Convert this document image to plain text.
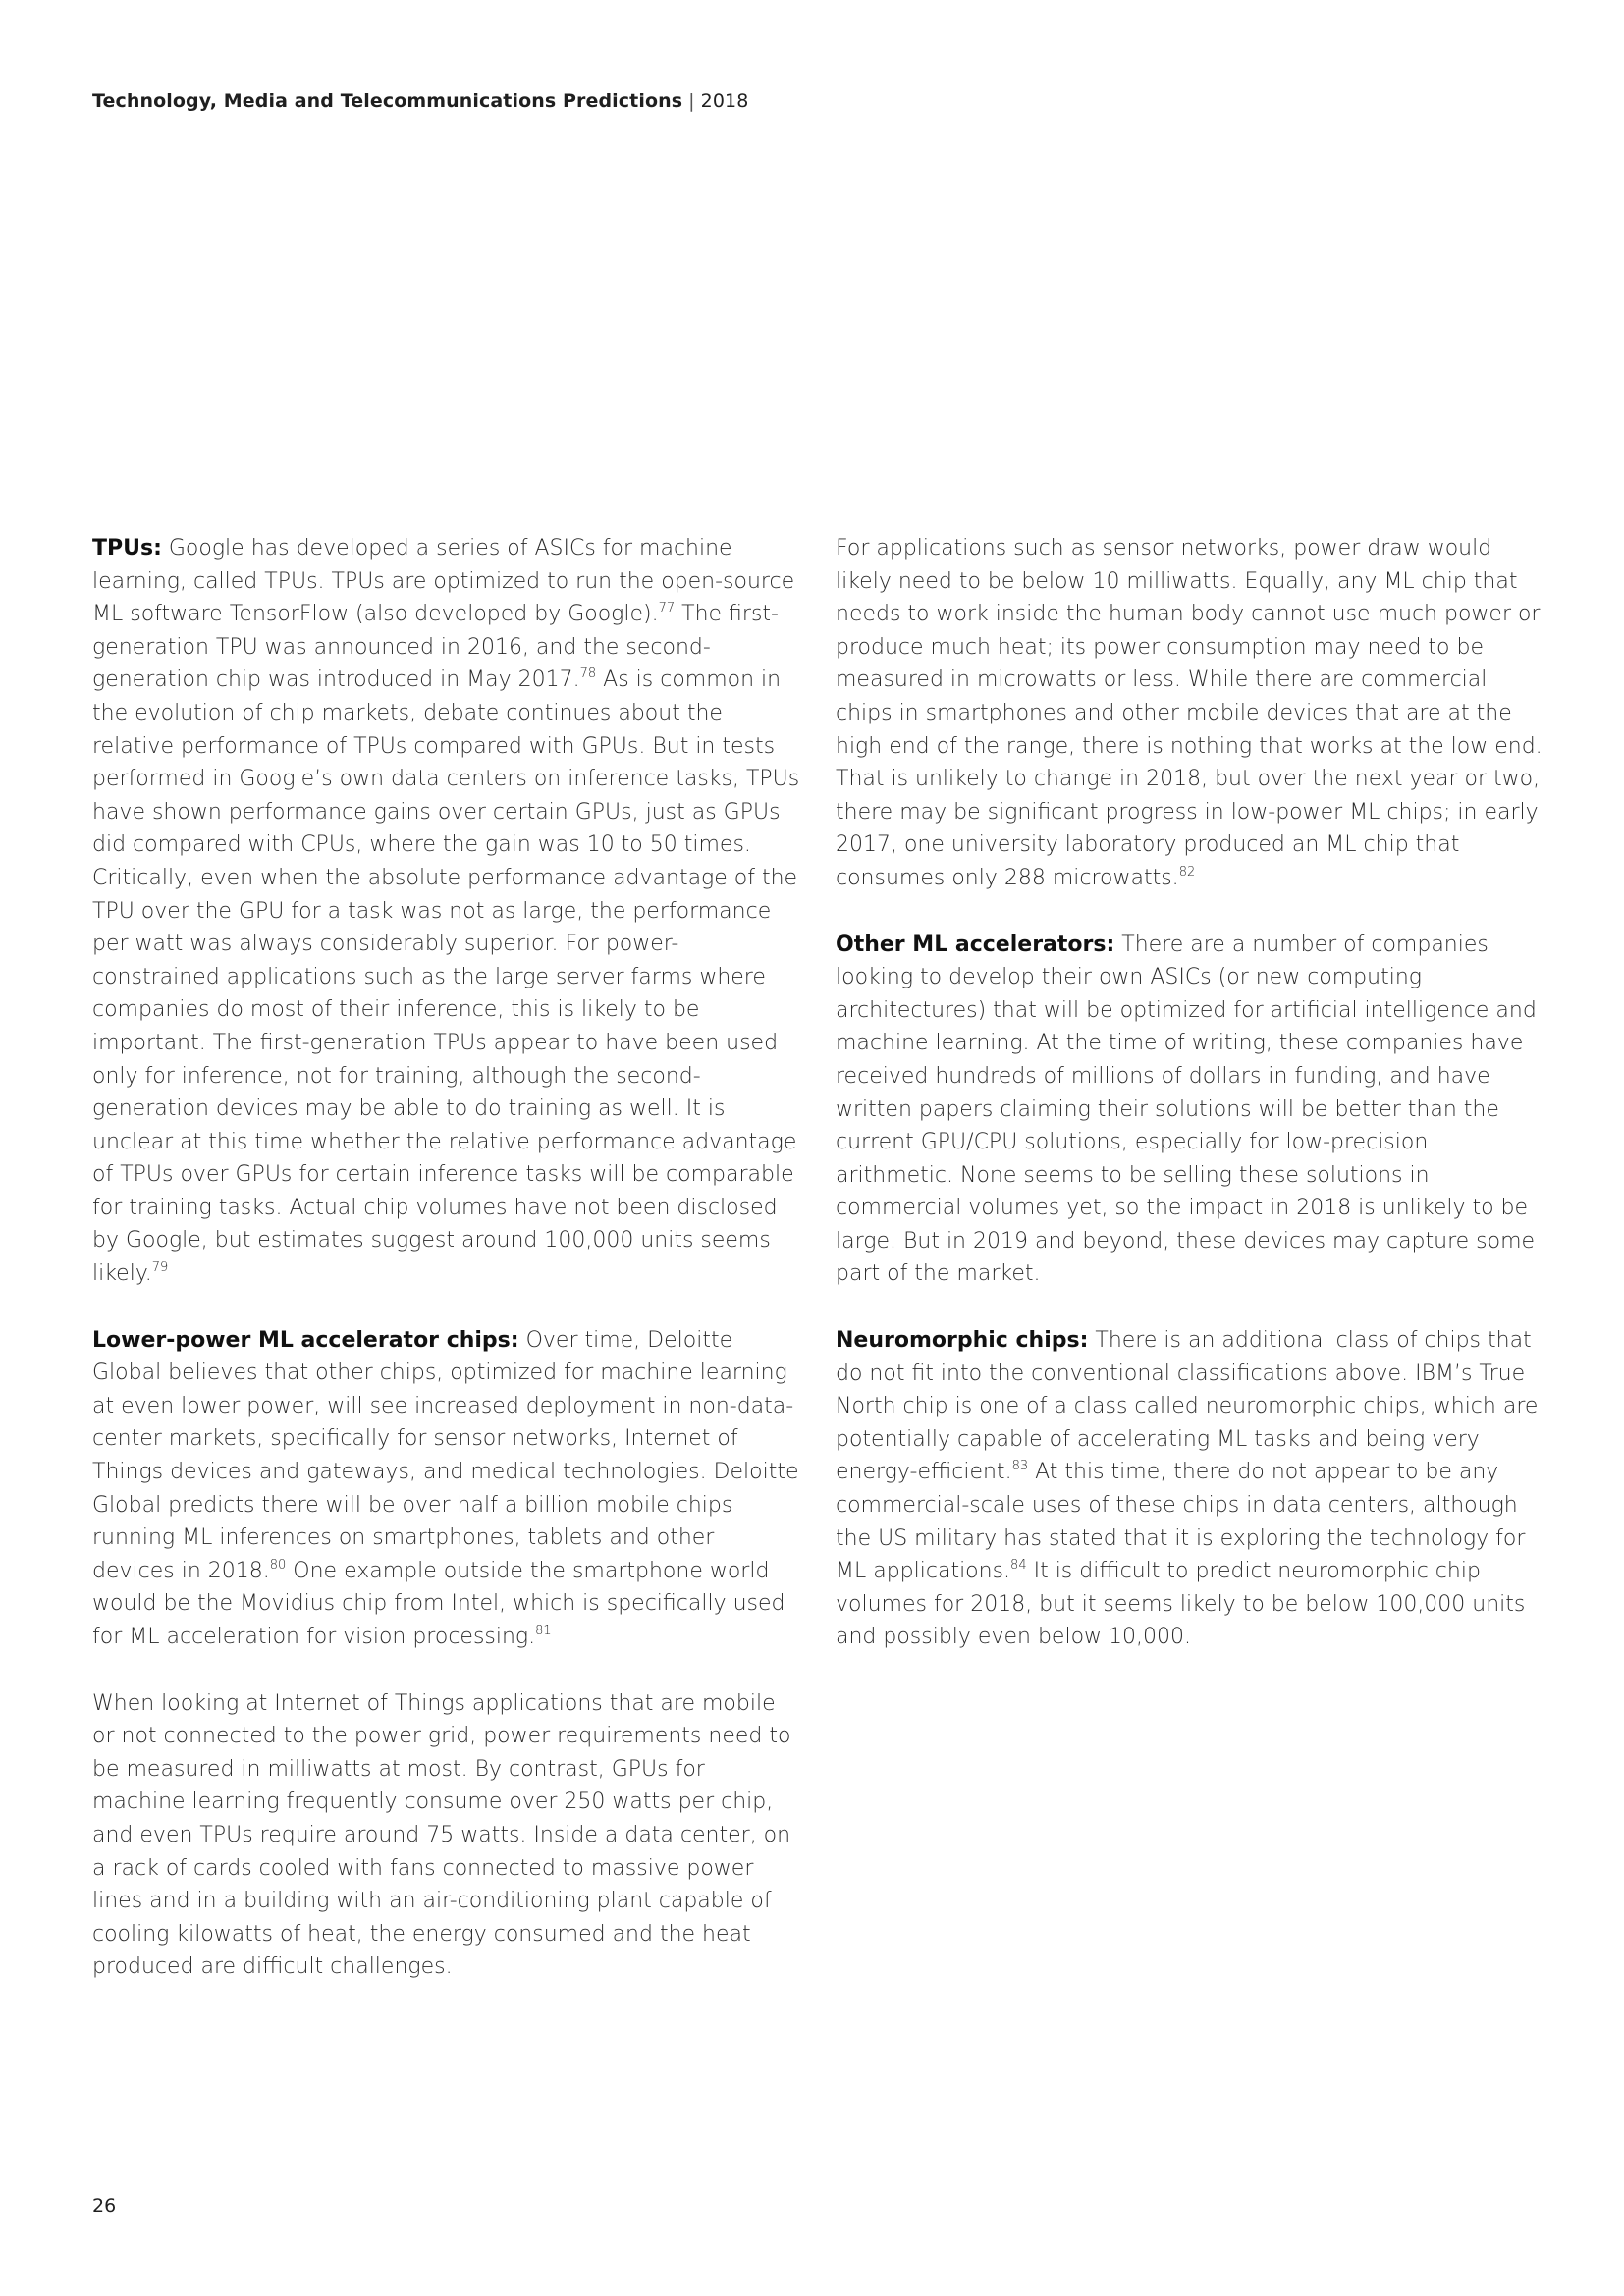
Technology, Media and Telecommunications Predictions | 2018

TPUs: Google has developed a series of ASICs for machine learning, called TPUs. TPUs are optimized to run the open-source ML software TensorFlow (also developed by Google).$^{77}$ The first-generation TPU was announced in 2016, and the second-generation chip was introduced in May 2017.78 As is common in the evolution of chip markets, debate continues about the relative performance of TPUs compared with GPUs. But in tests performed in Google’s own data centers on inference tasks, TPUs have shown performance gains over certain GPUs, just as GPUs did compared with CPUs, where the gain was 10 to 50 times. Critically, even when the absolute performance advantage of the TPU over the GPU for a task was not as large, the performance per watt was always considerably superior. For power-constrained applications such as the large server farms where companies do most of their inference, this is likely to be important. The first-generation TPUs appear to have been used only for inference, not for training, although the second-generation devices may be able to do training as well. It is unclear at this time whether the relative performance advantage of TPUs over GPUs for certain inference tasks will be comparable for training tasks. Actual chip volumes have not been disclosed by Google, but estimates suggest around 100,000 units seems likely.$^{79}$

Lower-power ML accelerator chips: Over time, Deloitte Global believes that other chips, optimized for machine learning at even lower power, will see increased deployment in non-data-center markets, specifically for sensor networks, Internet of Things devices and gateways, and medical technologies. Deloitte Global predicts there will be over half a billion mobile chips running ML inferences on smartphones, tablets and other devices in 2018.80 One example outside the smartphone world would be the Movidius chip from Intel, which is specifically used for ML acceleration for vision processing.$^{81}$

When looking at Internet of Things applications that are mobile or not connected to the power grid, power requirements need to be measured in milliwatts at most. By contrast, GPUs for machine learning frequently consume over 250 watts per chip, and even TPUs require around 75 watts. Inside a data center, on a rack of cards cooled with fans connected to massive power lines and in a building with an air-conditioning plant capable of cooling kilowatts of heat, the energy consumed and the heat produced are difficult challenges.

For applications such as sensor networks, power draw would likely need to be below 10 milliwatts. Equally, any ML chip that needs to work inside the human body cannot use much power or produce much heat; its power consumption may need to be measured in microwatts or less. While there are commercial chips in smartphones and other mobile devices that are at the high end of the range, there is nothing that works at the low end. That is unlikely to change in 2018, but over the next year or two, there may be significant progress in low-power ML chips; in early 2017, one university laboratory produced an ML chip that consumes only 288 microwatts.$^{82}$

Other ML accelerators: There are a number of companies looking to develop their own ASICs (or new computing architectures) that will be optimized for artificial intelligence and machine learning. At the time of writing, these companies have received hundreds of millions of dollars in funding, and have written papers claiming their solutions will be better than the current GPU/CPU solutions, especially for low-precision arithmetic. None seems to be selling these solutions in commercial volumes yet, so the impact in 2018 is unlikely to be large. But in 2019 and beyond, these devices may capture some part of the market.

Neuromorphic chips: There is an additional class of chips that do not fit into the conventional classifications above. IBM’s True North chip is one of a class called neuromorphic chips, which are potentially capable of accelerating ML tasks and being very energy-efficient.$^{83}$ At this time, there do not appear to be any commercial-scale uses of these chips in data centers, although the US military has stated that it is exploring the technology for ML applications.$^{84}$ It is difficult to predict neuromorphic chip volumes for 2018, but it seems likely to be below 100,000 units and possibly even below 10,000.

26
